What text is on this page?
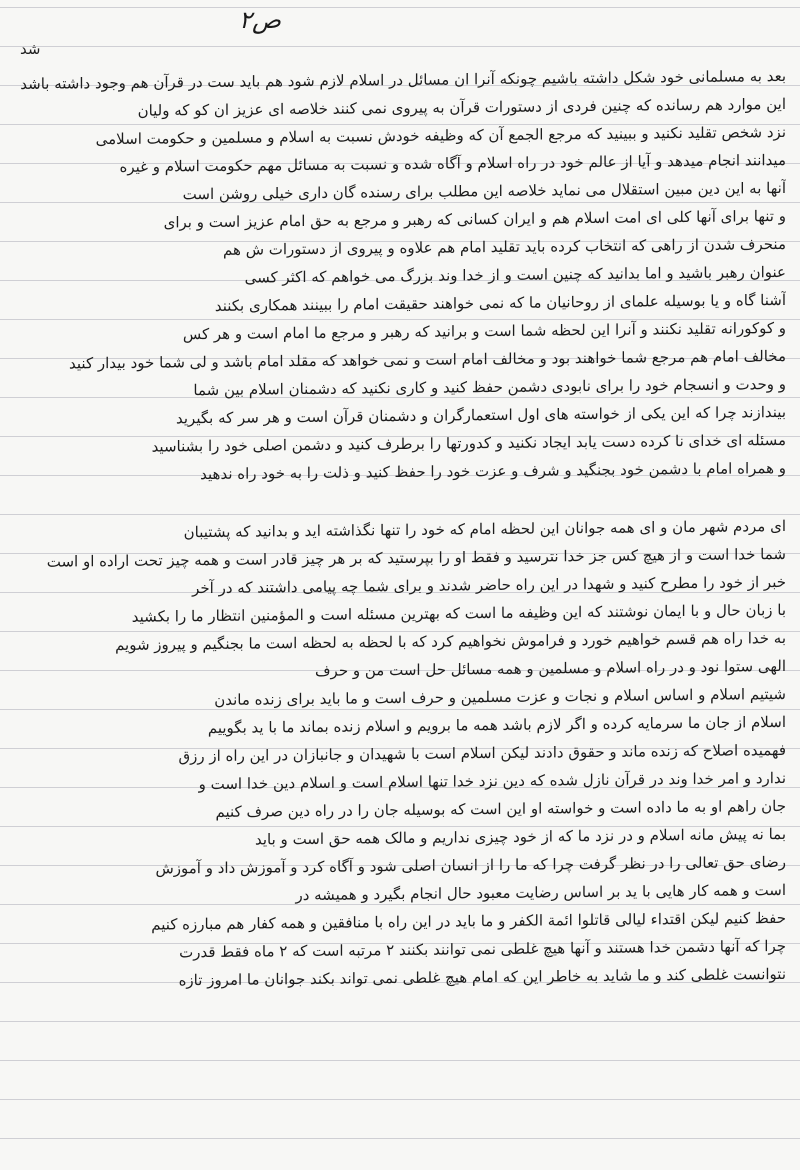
ص٢
شد
بعد به مسلمانی خود شکل داشته باشیم چونکه آنرا ان مسائل در اسلام لازم شود هم باید ست در قرآن هم وجود داشته باشد
این موارد هم رسانده که چنین فردی از دستورات قرآن به پیروی نمی کنند خلاصه ای عزیز ان کو که ولیان
نزد شخص تقلید نکنید و ببینید که مرجع الجمع آن که وظیفه خودش نسبت به اسلام و مسلمین و حکومت اسلامی
میدانند انجام میدهد و آیا از عالم خود در راه اسلام و آگاه شده و نسبت به مسائل مهم حکومت اسلام و غیره
آنها به این دین مبین استقلال می نماید خلاصه این مطلب برای رسنده گان داری خیلی روشن است
و تنها برای آنها کلی ای امت اسلام هم و ایران کسانی که رهبر و مرجع به حق امام عزیز است و برای
منحرف شدن از راهی که انتخاب کرده باید تقلید امام هم علاوه و پیروی از دستورات ش هم
عنوان رهبر باشید و اما بدانید که چنین است و از خدا وند بزرگ می خواهم که اکثر کسی
آشنا گاه و یا بوسیله علمای از روحانیان ما که نمی خواهند حقیقت امام را ببینند همکاری بکنند
و کوکورانه تقلید نکنند و آنرا این لحظه شما است و برانید که رهبر و مرجع ما امام است و هر کس
مخالف امام هم مرجع شما خواهند بود و مخالف امام است و نمی خواهد که مقلد امام باشد و لی شما خود بیدار کنید
و وحدت و انسجام خود را برای نابودی دشمن حفظ کنید و کاری نکنید که دشمنان اسلام بین شما
بیندازند چرا که این یکی از خواسته های اول استعمارگران و دشمنان قرآن است و هر سر که بگیرید
مسئله ای خدای نا کرده دست یابد ایجاد نکنید و کدورتها را برطرف کنید و دشمن اصلی خود را بشناسید
و همراه امام با دشمن خود بجنگید و شرف و عزت خود را حفظ کنید و ذلت را به خود راه ندهید
ای مردم شهر مان و ای همه جوانان این لحظه امام که خود را تنها نگذاشته اید و بدانید که پشتیبان
شما خدا است و از هیچ کس جز خدا نترسید و فقط او را بپرستید که بر هر چیز قادر است و همه چیز تحت اراده او است
خبر از خود را مطرح کنید و شهدا در این راه حاضر شدند و برای شما چه پیامی داشتند که در آخر
با زبان حال و با ایمان نوشتند که این وظیفه ما است که بهترین مسئله است و المؤمنین انتظار ما را بکشید
به خدا راه هم قسم خواهیم خورد و فراموش نخواهیم کرد که با لحظه به لحظه است ما بجنگیم و پیروز شویم
الهی ستوا نود و در راه اسلام و مسلمین و همه مسائل حل است من و حرف
شیتیم اسلام و اساس اسلام و نجات و عزت مسلمین و حرف است و ما باید برای زنده ماندن
اسلام از جان ما سرمایه کرده و اگر لازم باشد همه ما برویم و اسلام زنده بماند ما با ید بگوییم
فهمیده اصلاح که زنده ماند و حقوق دادند لیکن اسلام است با شهیدان و جانبازان در این راه از رزق
ندارد و امر خدا وند در قرآن نازل شده که دین نزد خدا تنها اسلام است و اسلام دین خدا است و
جان راهم او به ما داده است و خواسته او این است که بوسیله جان را در راه دین صرف کنیم
بما نه پیش مانه اسلام و در نزد ما که از خود چیزی نداریم و مالک همه حق است و باید
رضای حق تعالی را در نظر گرفت چرا که ما را از انسان اصلی شود و آگاه کرد و آموزش داد و آموزش
است و همه کار هایی با ید بر اساس رضایت معبود حال انجام بگیرد و همیشه در
حفظ کنیم لیکن اقتداء لیالی قاتلوا ائمة الکفر و ما باید در این راه با منافقین و همه کفار هم مبارزه کنیم
چرا که آنها دشمن خدا هستند و آنها هیچ غلطی نمی توانند بکنند ۲ مرتبه است که ۲ ماه فقط قدرت
نتوانست غلطی کند و ما شاید به خاطر این که امام هیچ غلطی نمی تواند بکند جوانان ما امروز تازه
